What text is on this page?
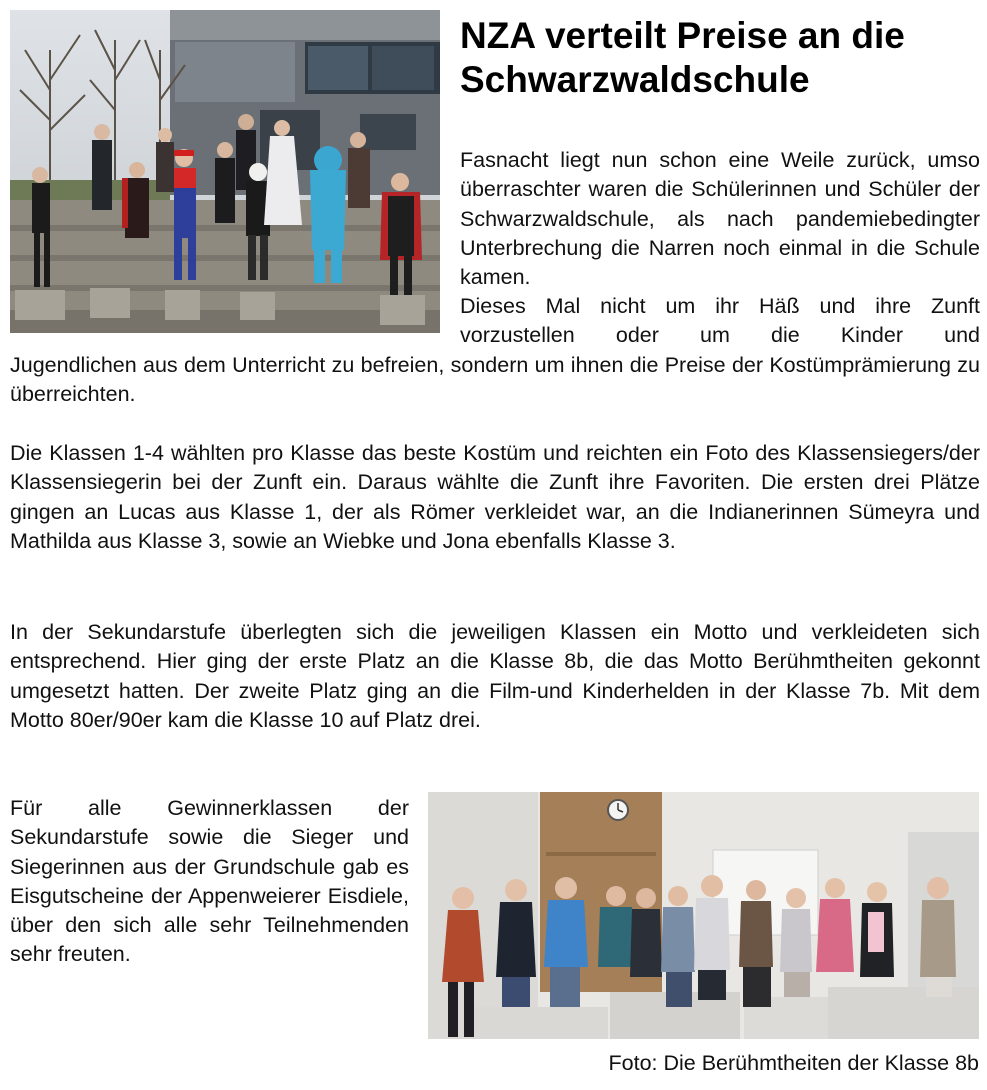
NZA verteilt Preise an die Schwarzwaldschule

Fasnacht liegt nun schon eine Weile zurück, umso überraschter waren die Schülerinnen und Schüler der Schwarzwaldschule, als nach pandemiebedingter Unterbrechung die Narren noch einmal in die Schule kamen.

Dieses Mal nicht um ihr Häß und ihre Zunft vorzustellen oder um die Kinder und

Jugendlichen aus dem Unterricht zu befreien, sondern um ihnen die Preise der Kostümprämierung zu überreichten.

Die Klassen 1-4 wählten pro Klasse das beste Kostüm und reichten ein Foto des Klassensiegers/der Klassensiegerin bei der Zunft ein. Daraus wählte die Zunft ihre Favoriten. Die ersten drei Plätze gingen an Lucas aus Klasse 1, der als Römer verkleidet war, an die Indianerinnen Sümeyra und Mathilda aus Klasse 3, sowie an Wiebke und Jona ebenfalls Klasse 3.

In der Sekundarstufe überlegten sich die jeweiligen Klassen ein Motto und verkleideten sich entsprechend. Hier ging der erste Platz an die Klasse 8b, die das Motto Berühmtheiten gekonnt umgesetzt hatten. Der zweite Platz ging an die Film-und Kinderhelden in der Klasse 7b. Mit dem Motto 80er/90er kam die Klasse 10 auf Platz drei.

Für alle Gewinnerklassen der Sekundarstufe sowie die Sieger und Siegerinnen aus der Grundschule gab es Eisgutscheine der Appenweierer Eisdiele, über den sich alle sehr Teilnehmenden sehr freuten.

Foto: Die Berühmtheiten der Klasse 8b
